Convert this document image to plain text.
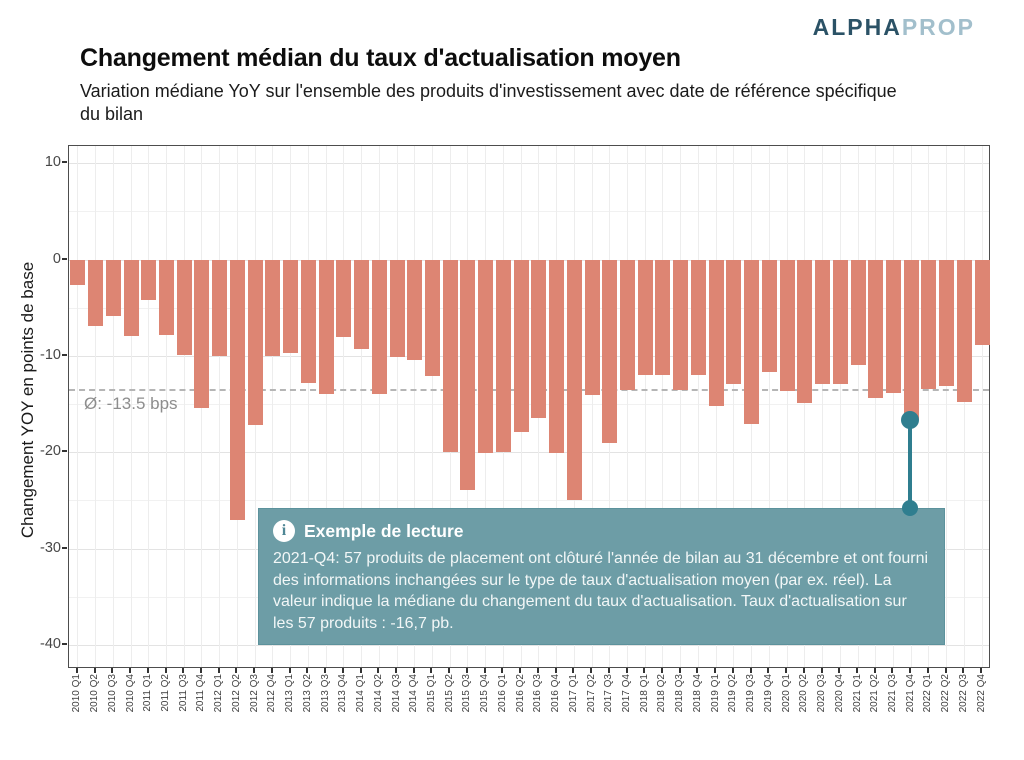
ALPHAPROP
Changement médian du taux d'actualisation moyen
Variation médiane YoY sur l'ensemble des produits d'investissement avec date de référence spécifique du bilan
Changement YOY en points de base	Ø: -13.5 bps
10
0
-10
-20
-30
-40
2010 Q1 2010 Q2 2010 Q3 2010 Q4 2011 Q1 2011 Q2 2011 Q3 2011 Q4 2012 Q1 2012 Q2 2012 Q3 2012 Q4 2013 Q1 2013 Q2 2013 Q3 2013 Q4 2014 Q1 2014 Q2 2014 Q3 2014 Q4 2015 Q1 2015 Q2 2015 Q3 2015 Q4 2016 Q1 2016 Q2 2016 Q3 2016 Q4 2017 Q1 2017 Q2 2017 Q3 2017 Q4 2018 Q1 2018 Q2 2018 Q3 2018 Q4 2019 Q1 2019 Q2 2019 Q3 2019 Q4 2020 Q1 2020 Q2 2020 Q3 2020 Q4 2021 Q1 2021 Q2 2021 Q3 2021 Q4 2022 Q1 2022 Q2 2022 Q3 2022 Q4
i	Exemple de lecture
2021-Q4: 57 produits de placement ont clôturé l'année de bilan au 31 décembre et ont fourni des informations inchangées sur le type de taux d'actualisation moyen (par ex. réel). La valeur indique la médiane du changement du taux d'actualisation. Taux d'actualisation sur les 57 produits : -16,7 pb.
